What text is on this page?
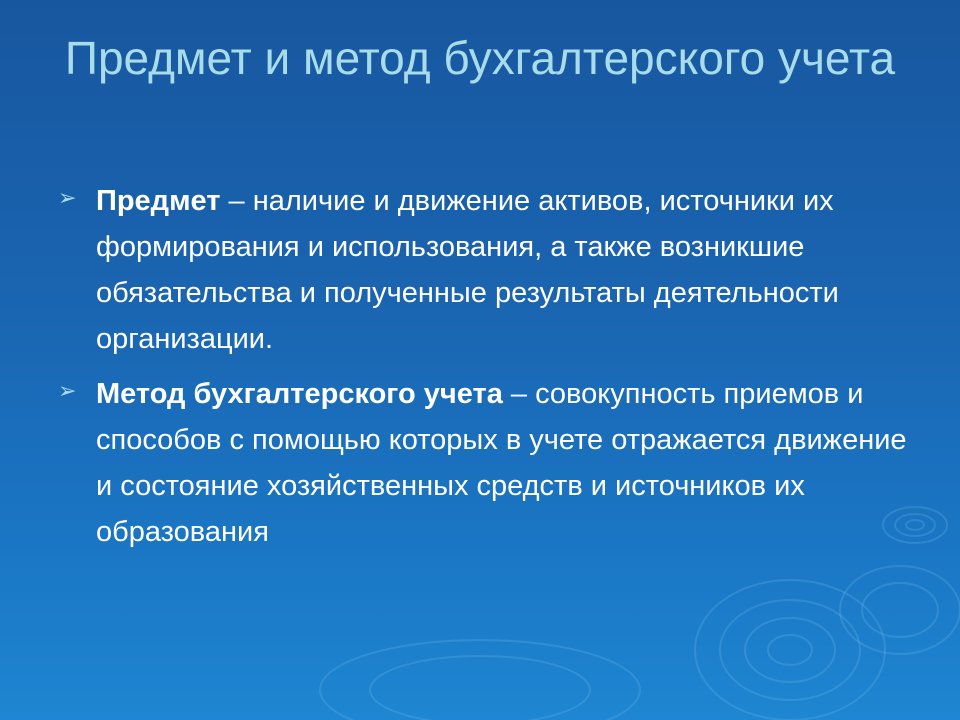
Предмет и метод бухгалтерского учета
➢ Предмет – наличие и движение активов, источники их формирования и использования, а также возникшие обязательства и полученные результаты деятельности организации.
➢ Метод бухгалтерского учета – совокупность приемов и способов с помощью которых в учете отражается движение и состояние хозяйственных средств и источников их образования
